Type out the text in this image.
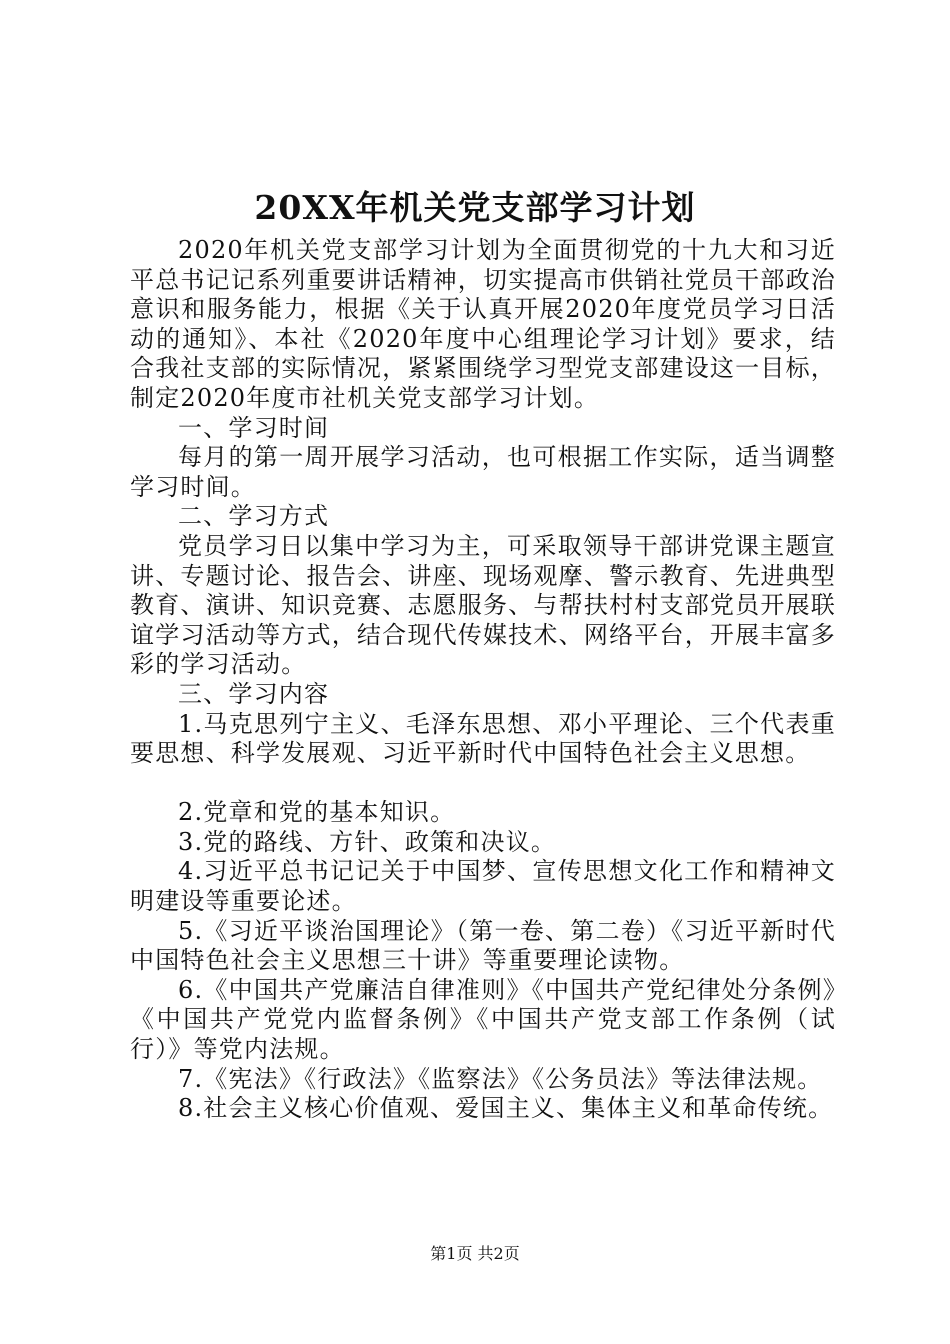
20XX年机关党支部学习计划

2020年机关党支部学习计划为全面贯彻党的十九大和习近平总书记记系列重要讲话精神，切实提高市供销社党员干部政治意识和服务能力，根据《关于认真开展2020年度党员学习日活动的通知》、本社《2020年度中心组理论学习计划》要求，结合我社支部的实际情况，紧紧围绕学习型党支部建设这一目标，制定2020年度市社机关党支部学习计划。

一、学习时间

每月的第一周开展学习活动，也可根据工作实际，适当调整学习时间。

二、学习方式

党员学习日以集中学习为主，可采取领导干部讲党课主题宣讲、专题讨论、报告会、讲座、现场观摩、警示教育、先进典型教育、演讲、知识竞赛、志愿服务、与帮扶村村支部党员开展联谊学习活动等方式，结合现代传媒技术、网络平台，开展丰富多彩的学习活动。

三、学习内容

1.马克思列宁主义、毛泽东思想、邓小平理论、三个代表重要思想、科学发展观、习近平新时代中国特色社会主义思想。

2.党章和党的基本知识。

3.党的路线、方针、政策和决议。

4.习近平总书记记关于中国梦、宣传思想文化工作和精神文明建设等重要论述。

5.《习近平谈治国理论》（第一卷、第二卷）《习近平新时代中国特色社会主义思想三十讲》等重要理论读物。

6.《中国共产党廉洁自律准则》《中国共产党纪律处分条例》《中国共产党党内监督条例》《中国共产党支部工作条例（试行）》等党内法规。

7.《宪法》《行政法》《监察法》《公务员法》等法律法规。

8.社会主义核心价值观、爱国主义、集体主义和革命传统。

第1页 共2页
